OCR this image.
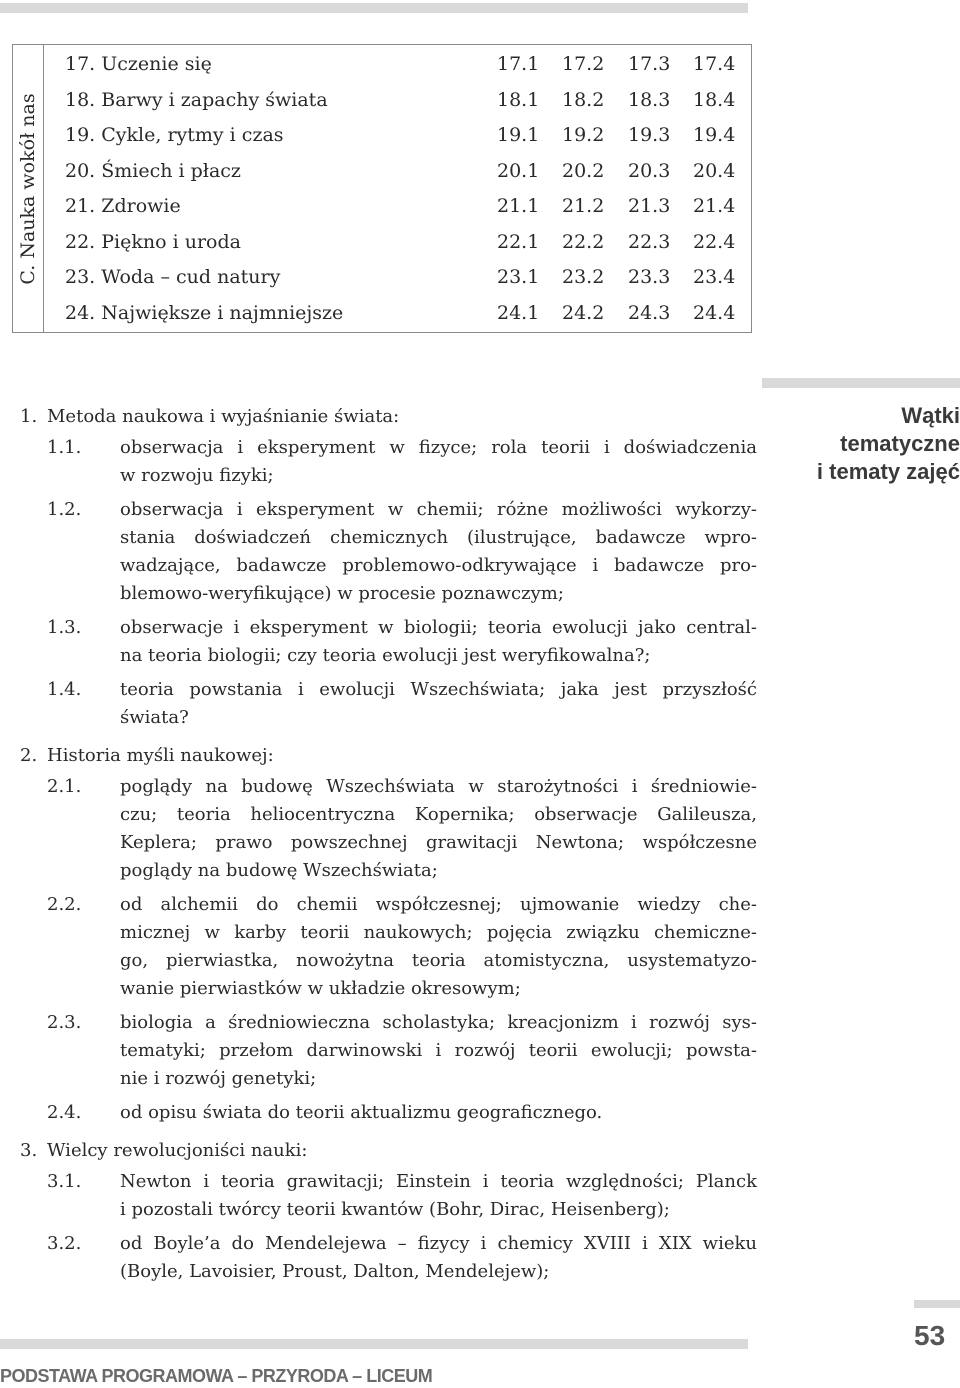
C. Nauka wokół nas
17. Uczenie się	17.1	17.2	17.3	17.4
18. Barwy i zapachy świata	18.1	18.2	18.3	18.4
19. Cykle, rytmy i czas	19.1	19.2	19.3	19.4
20. Śmiech i płacz	20.1	20.2	20.3	20.4
21. Zdrowie	21.1	21.2	21.3	21.4
22. Piękno i uroda	22.1	22.2	22.3	22.4
23. Woda – cud natury	23.1	23.2	23.3	23.4
24. Największe i najmniejsze	24.1	24.2	24.3	24.4
Wątki
tematyczne
i tematy zajęć
1. Metoda naukowa i wyjaśnianie świata:
1.1. obserwacja i eksperyment w fizyce; rola teorii i doświadczenia
w rozwoju fizyki;
1.2. obserwacja i eksperyment w chemii; różne możliwości wykorzy-
stania doświadczeń chemicznych (ilustrujące, badawcze wpro-
wadzające, badawcze problemowo-odkrywające i badawcze pro-
blemowo-weryfikujące) w procesie poznawczym;
1.3. obserwacje i eksperyment w biologii; teoria ewolucji jako central-
na teoria biologii; czy teoria ewolucji jest weryfikowalna?;
1.4. teoria powstania i ewolucji Wszechświata; jaka jest przyszłość
świata?
2. Historia myśli naukowej:
2.1. poglądy na budowę Wszechświata w starożytności i średniowie-
czu; teoria heliocentryczna Kopernika; obserwacje Galileusza,
Keplera; prawo powszechnej grawitacji Newtona; współczesne
poglądy na budowę Wszechświata;
2.2. od alchemii do chemii współczesnej; ujmowanie wiedzy che-
micznej w karby teorii naukowych; pojęcia związku chemiczne-
go, pierwiastka, nowożytna teoria atomistyczna, usystematyzo-
wanie pierwiastków w układzie okresowym;
2.3. biologia a średniowieczna scholastyka; kreacjonizm i rozwój sys-
tematyki; przełom darwinowski i rozwój teorii ewolucji; powsta-
nie i rozwój genetyki;
2.4. od opisu świata do teorii aktualizmu geograficznego.
3. Wielcy rewolucjoniści nauki:
3.1. Newton i teoria grawitacji; Einstein i teoria względności; Planck
i pozostali twórcy teorii kwantów (Bohr, Dirac, Heisenberg);
3.2. od Boyle’a do Mendelejewa – fizycy i chemicy XVIII i XIX wieku
(Boyle, Lavoisier, Proust, Dalton, Mendelejew);
53
PODSTAWA PROGRAMOWA – PRZYRODA – LICEUM
